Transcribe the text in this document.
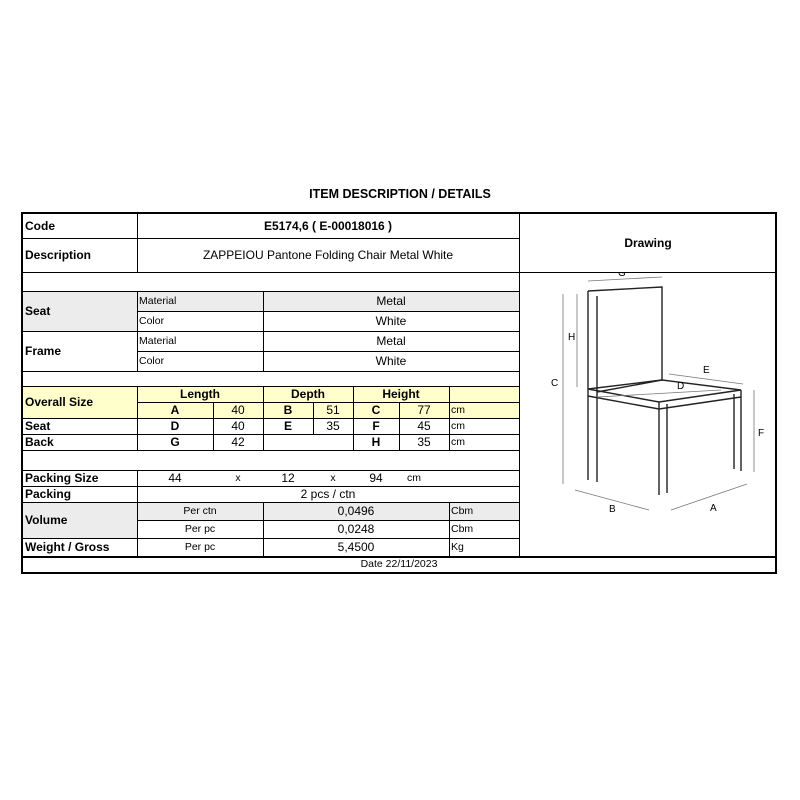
ITEM DESCRIPTION / DETAILS
Code	E5174,6 ( E-00018016 )
Description	ZAPPEIOU Pantone Folding Chair Metal White
Drawing
Seat
Material	Metal
Color	White
Frame
Material	Metal
Color	White
Overall Size
Length	Depth	Height
A	40	B	51	C	77	cm
Seat	D	40	E	35	F	45	cm
Back	G	42	H	35	cm
Packing Size	44	x	12	x	94	cm
Packing	2 pcs / ctn
Volume
Per ctn	0,0496	Cbm
Per pc	0,0248	Cbm
Weight / Gross	Per pc	5,4500	Kg
Date 22/11/2023
G
H
C
E
D
F
B	A
